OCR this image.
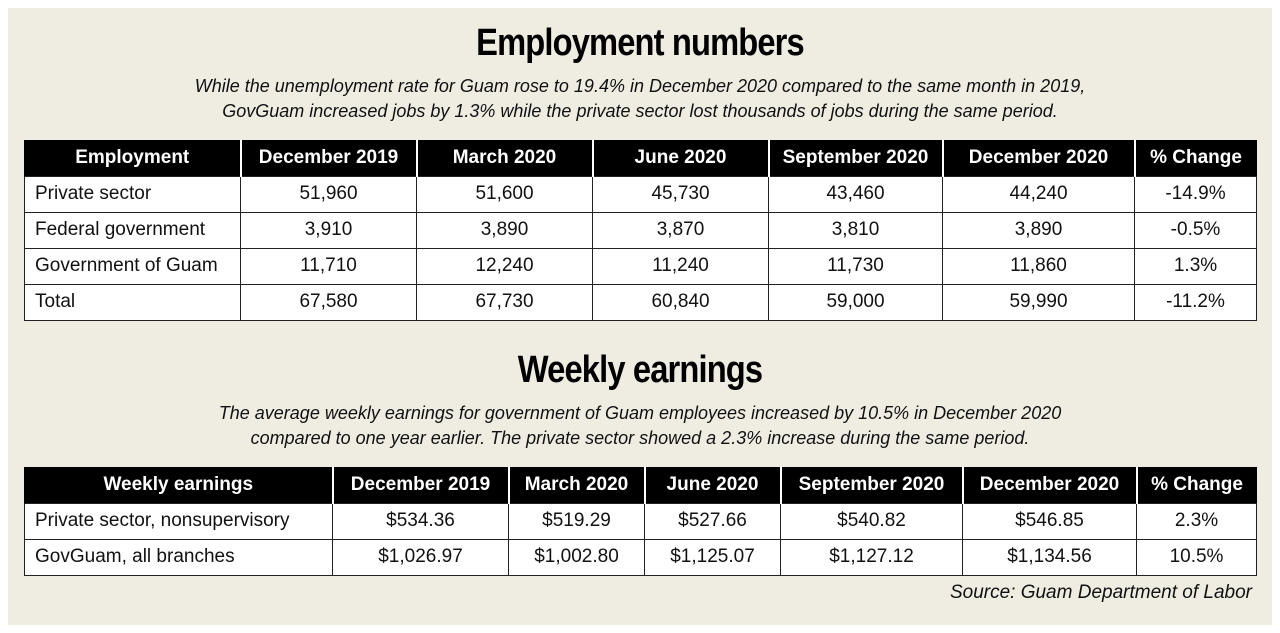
Employment numbers
While the unemployment rate for Guam rose to 19.4% in December 2020 compared to the same month in 2019,
GovGuam increased jobs by 1.3% while the private sector lost thousands of jobs during the same period.
Employment	December 2019	March 2020	June 2020	September 2020	December 2020	% Change
Private sector	51,960	51,600	45,730	43,460	44,240	-14.9%
Federal government	3,910	3,890	3,870	3,810	3,890	-0.5%
Government of Guam	11,710	12,240	11,240	11,730	11,860	1.3%
Total	67,580	67,730	60,840	59,000	59,990	-11.2%
Weekly earnings
The average weekly earnings for government of Guam employees increased by 10.5% in December 2020
compared to one year earlier. The private sector showed a 2.3% increase during the same period.
Weekly earnings	December 2019	March 2020	June 2020	September 2020	December 2020	% Change
Private sector, nonsupervisory	$534.36	$519.29	$527.66	$540.82	$546.85	2.3%
GovGuam, all branches	$1,026.97	$1,002.80	$1,125.07	$1,127.12	$1,134.56	10.5%
Source: Guam Department of Labor
